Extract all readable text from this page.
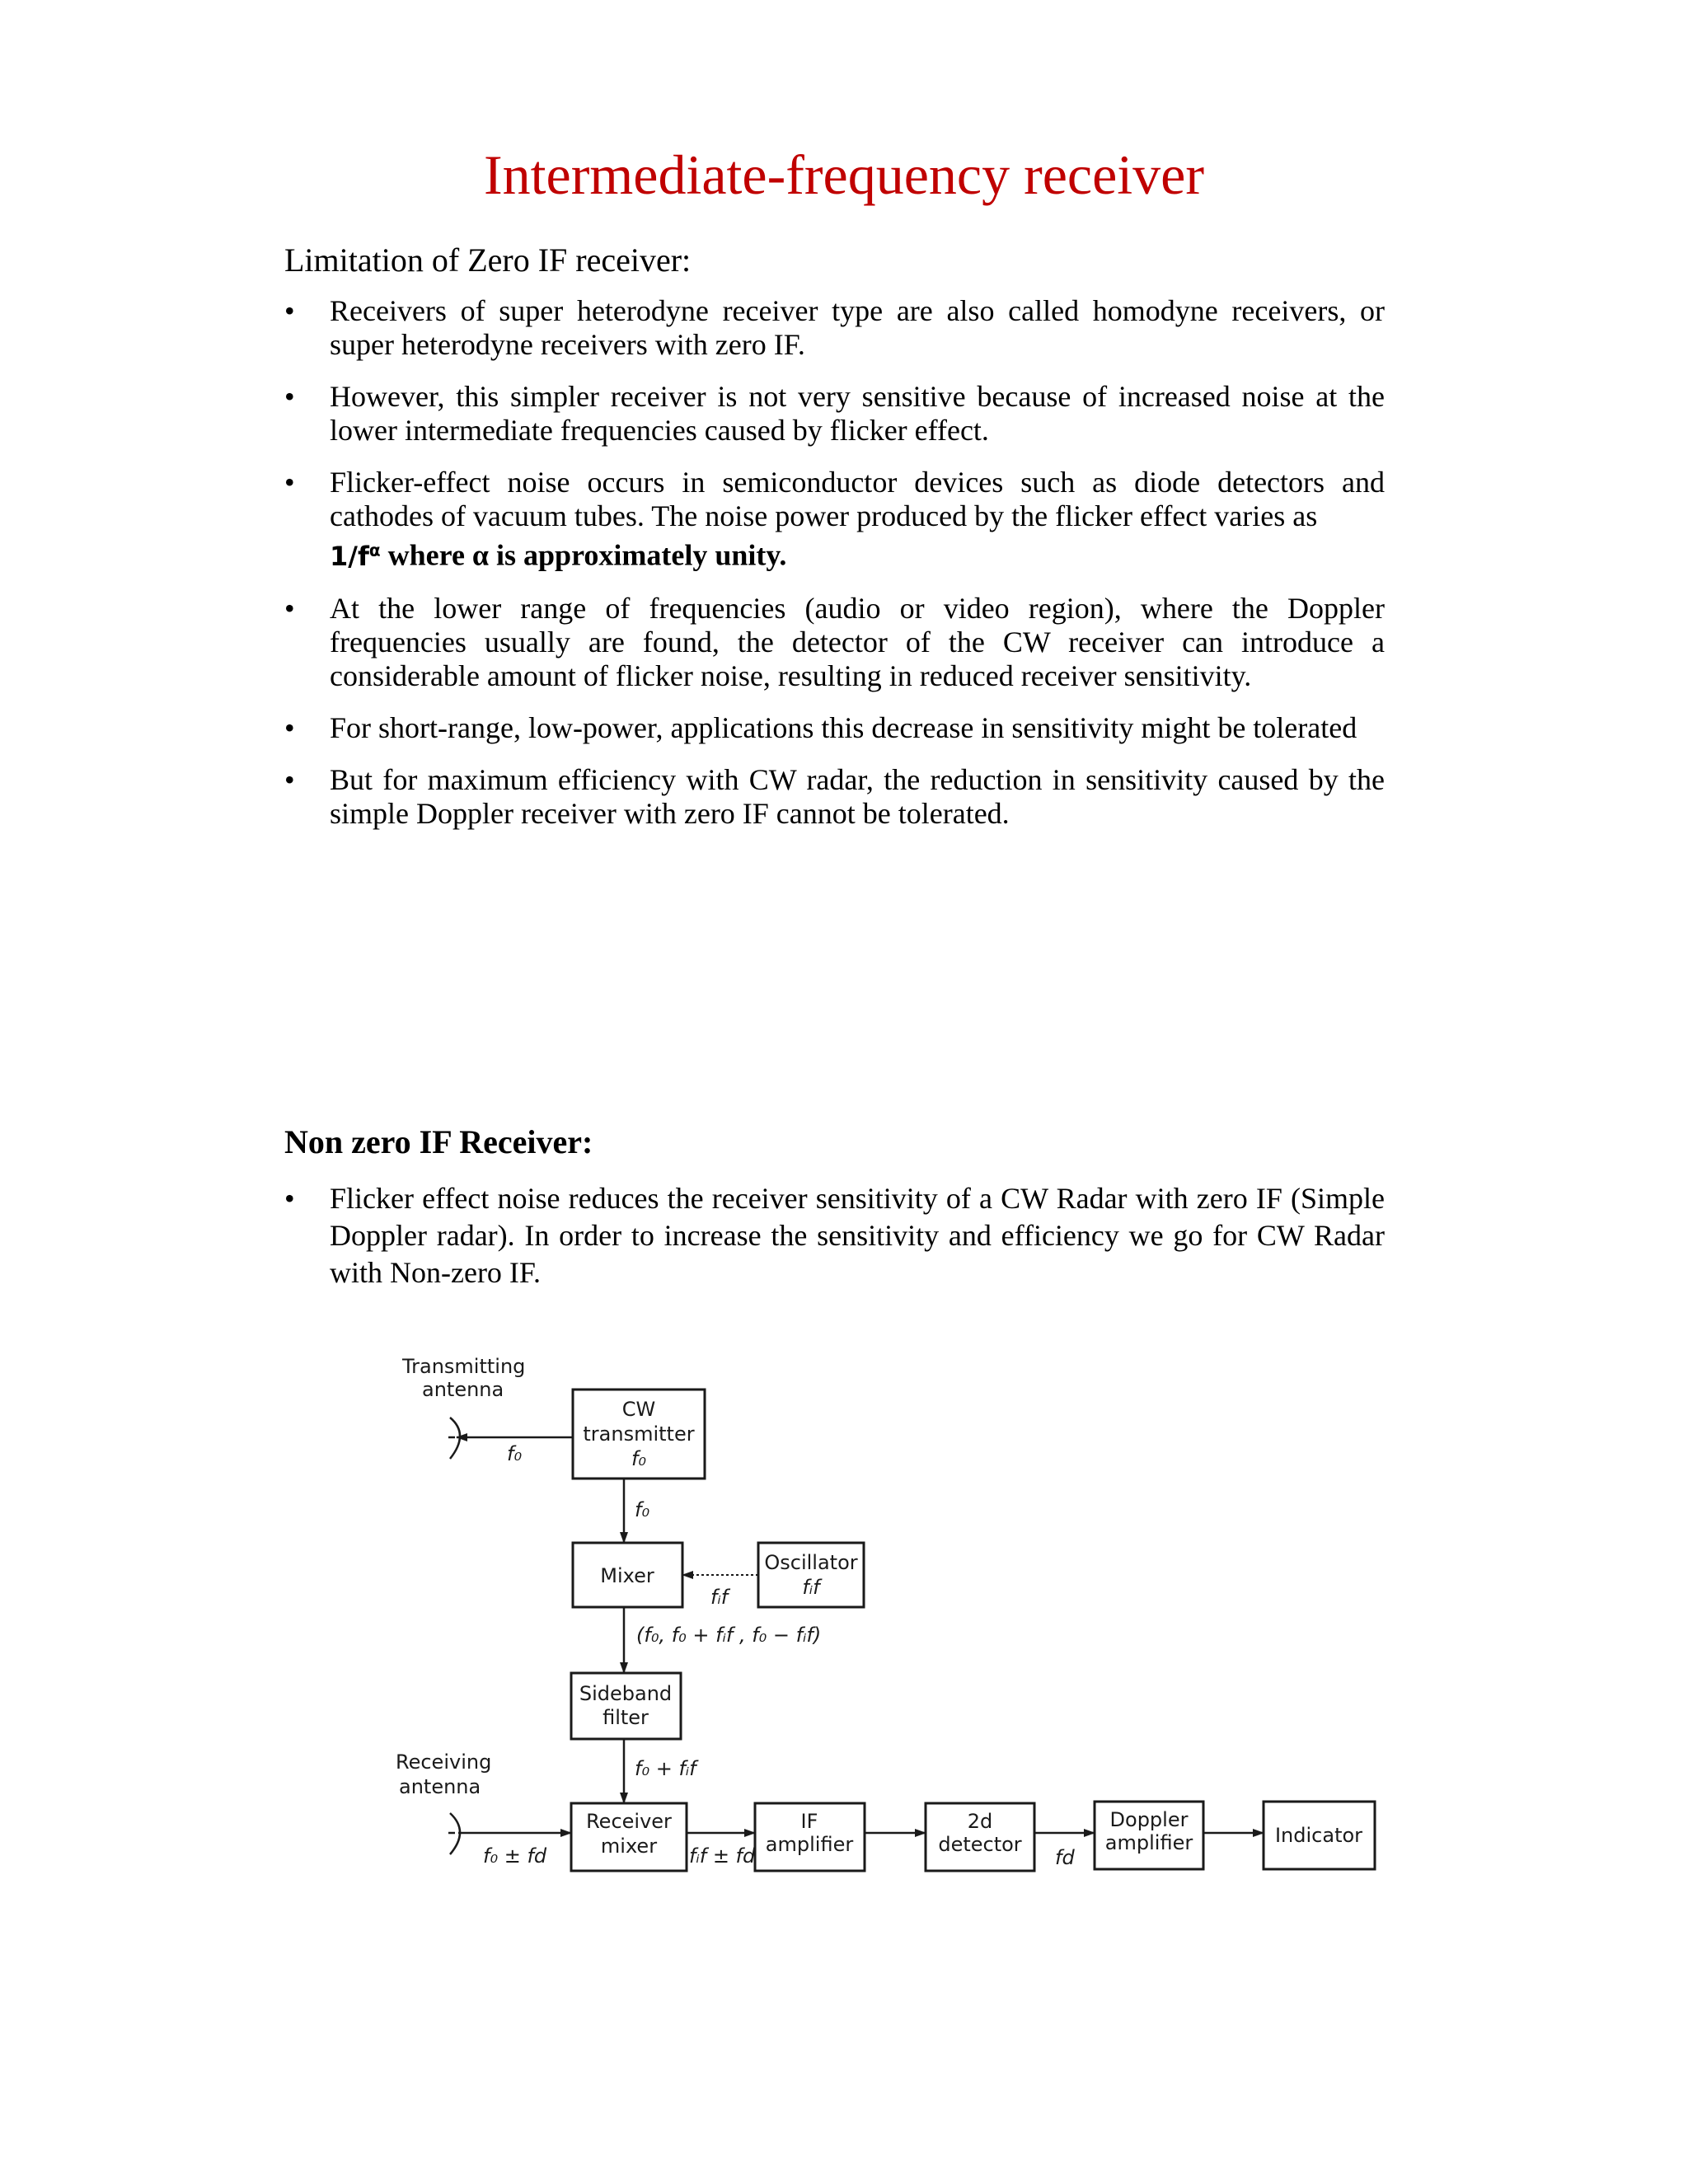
Intermediate-frequency receiver
Limitation of Zero IF receiver:
• Receivers of super heterodyne receiver type are also called homodyne receivers, or super heterodyne receivers with zero IF.
• However, this simpler receiver is not very sensitive because of increased noise at the lower intermediate frequencies caused by flicker effect.
• Flicker-effect noise occurs in semiconductor devices such as diode detectors and cathodes of vacuum tubes. The noise power produced by the flicker effect varies as
$1/f^\alpha$ where α is approximately unity.
• At the lower range of frequencies (audio or video region), where the Doppler frequencies usually are found, the detector of the CW receiver can introduce a considerable amount of flicker noise, resulting in reduced receiver sensitivity.
• For short-range, low-power, applications this decrease in sensitivity might be tolerated
• But for maximum efficiency with CW radar, the reduction in sensitivity caused by the simple Doppler receiver with zero IF cannot be tolerated.
Non zero IF Receiver:
• Flicker effect noise reduces the receiver sensitivity of a CW Radar with zero IF (Simple Doppler radar). In order to increase the sensitivity and efficiency we go for CW Radar with Non-zero IF.
Transmitting
antenna
CW
transmitter
f₀
f₀
f₀
Mixer
Oscillator
fᵢf
fᵢf
(f₀, f₀ + fᵢf , f₀ − fᵢf)
Sideband
filter
f₀ + fᵢf
Receiving
antenna
f₀ ± fd
Receiver
mixer fᵢf ± fd
IF
amplifier
2d
detector
fd
Doppler
amplifier	Indicator
